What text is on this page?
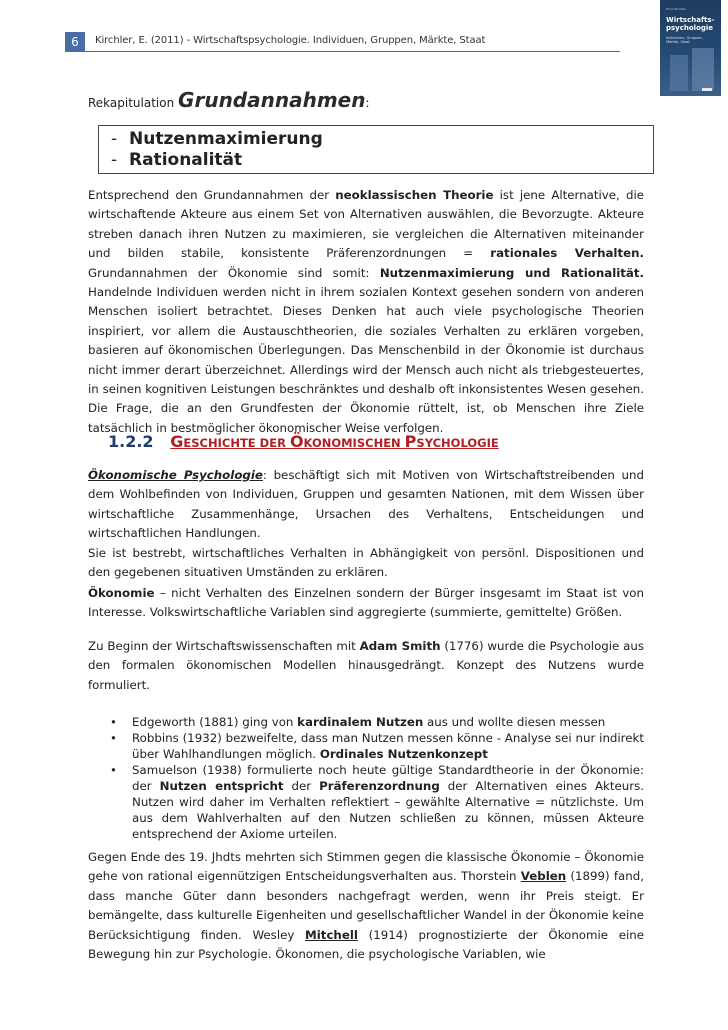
6	Kirchler, E. (2011) - Wirtschaftspsychologie. Individuen, Gruppen, Märkte, Staat
Erich Kirchler
Wirtschafts-
psychologie
Individuen, Gruppen, Märkte, Staat
Rekapitulation Grundannahmen:
- Nutzenmaximierung
- Rationalität
Entsprechend den Grundannahmen der neoklassischen Theorie ist jene Alternative, die wirtschaftende Akteure aus einem Set von Alternativen auswählen, die Bevorzugte. Akteure streben danach ihren Nutzen zu maximieren, sie vergleichen die Alternativen miteinander und bilden stabile, konsistente Präferenzordnungen = rationales Verhalten. Grundannahmen der Ökonomie sind somit: Nutzenmaximierung und Rationalität. Handelnde Individuen werden nicht in ihrem sozialen Kontext gesehen sondern von anderen Menschen isoliert betrachtet. Dieses Denken hat auch viele psychologische Theorien inspiriert, vor allem die Austauschtheorien, die soziales Verhalten zu erklären vorgeben, basieren auf ökonomischen Überlegungen. Das Menschenbild in der Ökonomie ist durchaus nicht immer derart überzeichnet. Allerdings wird der Mensch auch nicht als triebgesteuertes, in seinen kognitiven Leistungen beschränktes und deshalb oft inkonsistentes Wesen gesehen. Die Frage, die an den Grundfesten der Ökonomie rüttelt, ist, ob Menschen ihre Ziele tatsächlich in bestmöglicher ökonomischer Weise verfolgen.
1.2.2 GESCHICHTE DER ÖKONOMISCHEN PSYCHOLOGIE
Ökonomische Psychologie: beschäftigt sich mit Motiven von Wirtschaftstreibenden und dem Wohlbefinden von Individuen, Gruppen und gesamten Nationen, mit dem Wissen über wirtschaftliche Zusammenhänge, Ursachen des Verhaltens, Entscheidungen und wirtschaftlichen Handlungen.
Sie ist bestrebt, wirtschaftliches Verhalten in Abhängigkeit von persönl. Dispositionen und den gegebenen situativen Umständen zu erklären.
Ökonomie – nicht Verhalten des Einzelnen sondern der Bürger insgesamt im Staat ist von Interesse. Volkswirtschaftliche Variablen sind aggregierte (summierte, gemittelte) Größen.
Zu Beginn der Wirtschaftswissenschaften mit Adam Smith (1776) wurde die Psychologie aus den formalen ökonomischen Modellen hinausgedrängt. Konzept des Nutzens wurde formuliert.
• Edgeworth (1881) ging von kardinalem Nutzen aus und wollte diesen messen
• Robbins (1932) bezweifelte, dass man Nutzen messen könne - Analyse sei nur indirekt über Wahlhandlungen möglich. Ordinales Nutzenkonzept
• Samuelson (1938) formulierte noch heute gültige Standardtheorie in der Ökonomie: der Nutzen entspricht der Präferenzordnung der Alternativen eines Akteurs. Nutzen wird daher im Verhalten reflektiert – gewählte Alternative = nützlichste. Um aus dem Wahlverhalten auf den Nutzen schließen zu können, müssen Akteure entsprechend der Axiome urteilen.
Gegen Ende des 19. Jhdts mehrten sich Stimmen gegen die klassische Ökonomie – Ökonomie gehe von rational eigennützigen Entscheidungsverhalten aus. Thorstein Veblen (1899) fand, dass manche Güter dann besonders nachgefragt werden, wenn ihr Preis steigt. Er bemängelte, dass kulturelle Eigenheiten und gesellschaftlicher Wandel in der Ökonomie keine Berücksichtigung finden. Wesley Mitchell (1914) prognostizierte der Ökonomie eine Bewegung hin zur Psychologie. Ökonomen, die psychologische Variablen, wie
